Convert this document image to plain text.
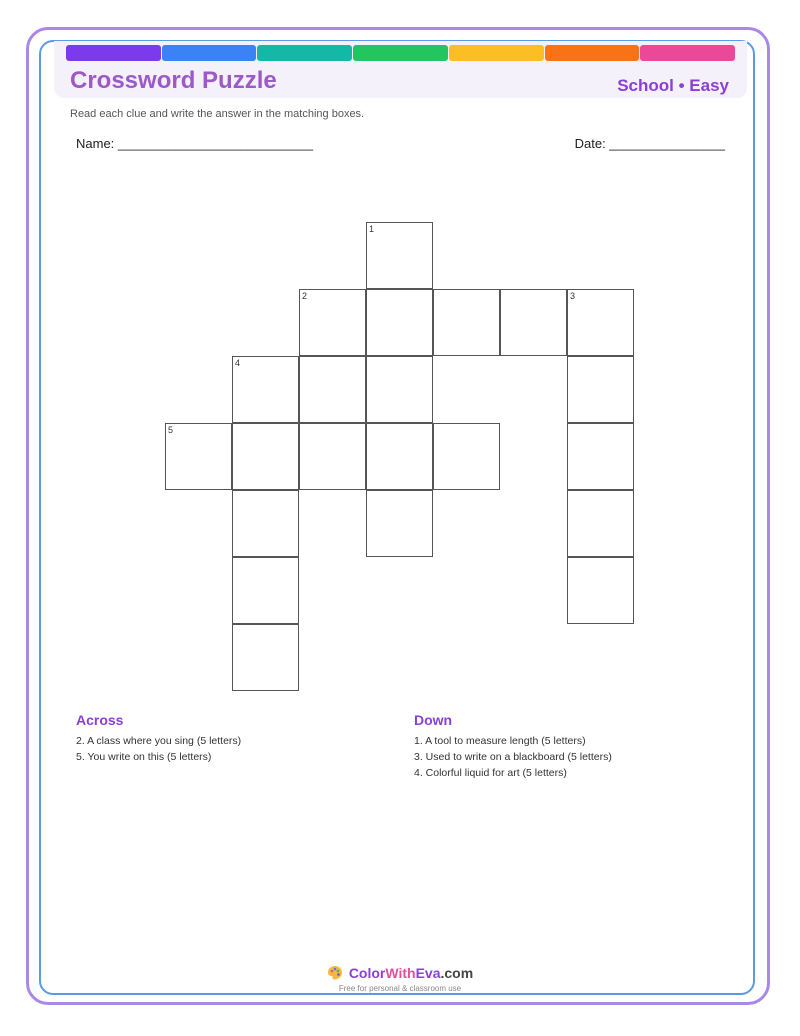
Crossword Puzzle	School • Easy
Read each clue and write the answer in the matching boxes.
Name: ___________________________	Date: ________________
1
2	3
4
5
Across
2. A class where you sing (5 letters)
5. You write on this (5 letters)
Down
1. A tool to measure length (5 letters)
3. Used to write on a blackboard (5 letters)
4. Colorful liquid for art (5 letters)
ColorWithEva.com
Free for personal & classroom use
